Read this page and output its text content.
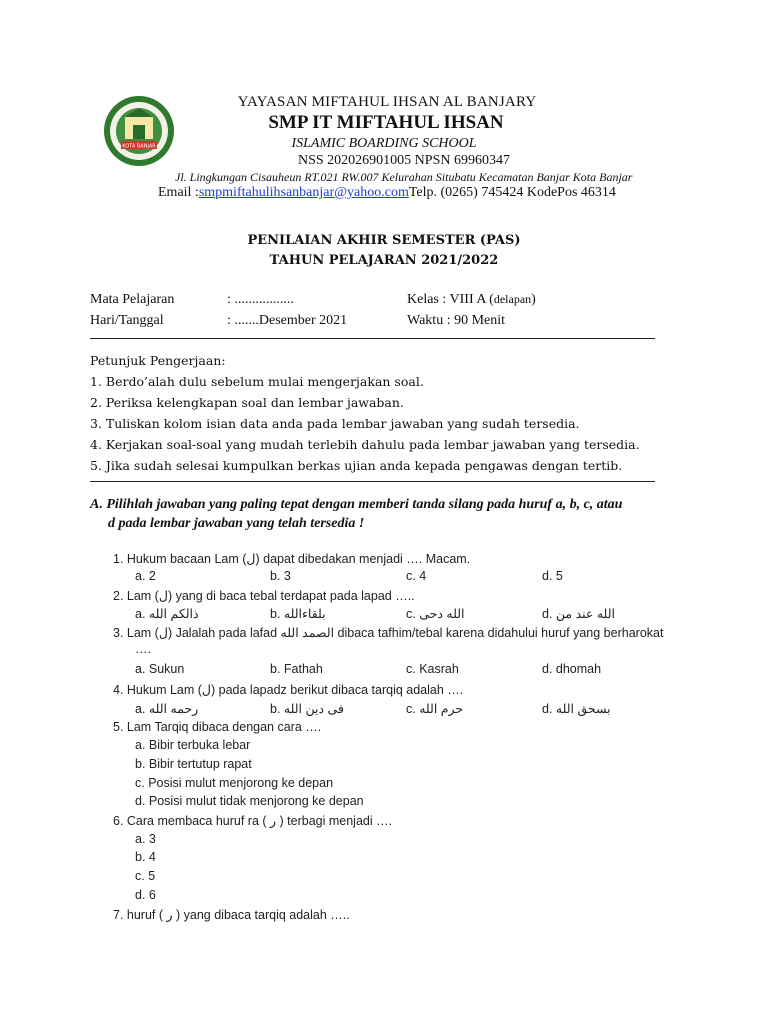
KOTA BANJAR
YAYASAN MIFTAHUL IHSAN AL BANJARY
SMP IT MIFTAHUL IHSAN
ISLAMIC BOARDING SCHOOL
NSS 202026901005 NPSN 69960347
Jl. Lingkungan Cisauheun RT.021 RW.007 Kelurahan Situbatu Kecamatan Banjar Kota Banjar
Email :smpmiftahulihsanbanjar@yahoo.comTelp. (0265) 745424 KodePos 46314
PENILAIAN AKHIR SEMESTER (PAS)
TAHUN PELAJARAN 2021/2022
Mata Pelajaran	: .................	Kelas : VIII A (delapan)
Hari/Tanggal	: .......Desember 2021	Waktu : 90 Menit
Petunjuk Pengerjaan:
1. Berdo’alah dulu sebelum mulai mengerjakan soal.
2. Periksa kelengkapan soal dan lembar jawaban.
3. Tuliskan kolom isian data anda pada lembar jawaban yang sudah tersedia.
4. Kerjakan soal-soal yang mudah terlebih dahulu pada lembar jawaban yang tersedia.
5. Jika sudah selesai kumpulkan berkas ujian anda kepada pengawas dengan tertib.
A. Pilihlah jawaban yang paling tepat dengan memberi tanda silang pada huruf a, b, c, atau
d pada lembar jawaban yang telah tersedia !
1. Hukum bacaan Lam (ل) dapat dibedakan menjadi …. Macam.
a. 2	b. 3	c. 4	d. 5
2. Lam (ل) yang di baca tebal terdapat pada lapad …..
a. ذالكم الله	b. بلقاءالله	c. الله دحى	d. الله عند من
3. Lam (ل) Jalalah pada lafad الصمد الله dibaca tafhim/tebal karena didahului huruf yang berharokat
….
a. Sukun	b. Fathah	c. Kasrah	d. dhomah
4. Hukum Lam (ل) pada lapadz berikut dibaca tarqiq adalah ….
a. رحمه الله	b. فى دين الله	c. حرم الله	d. بسحق الله
5. Lam Tarqiq dibaca dengan cara ….
a. Bibir terbuka lebar
b. Bibir tertutup rapat
c. Posisi mulut menjorong ke depan
d. Posisi mulut tidak menjorong ke depan
6. Cara membaca huruf ra ( ر ) terbagi menjadi ….
a. 3
b. 4
c. 5
d. 6
7. huruf ( ر ) yang dibaca tarqiq adalah …..
